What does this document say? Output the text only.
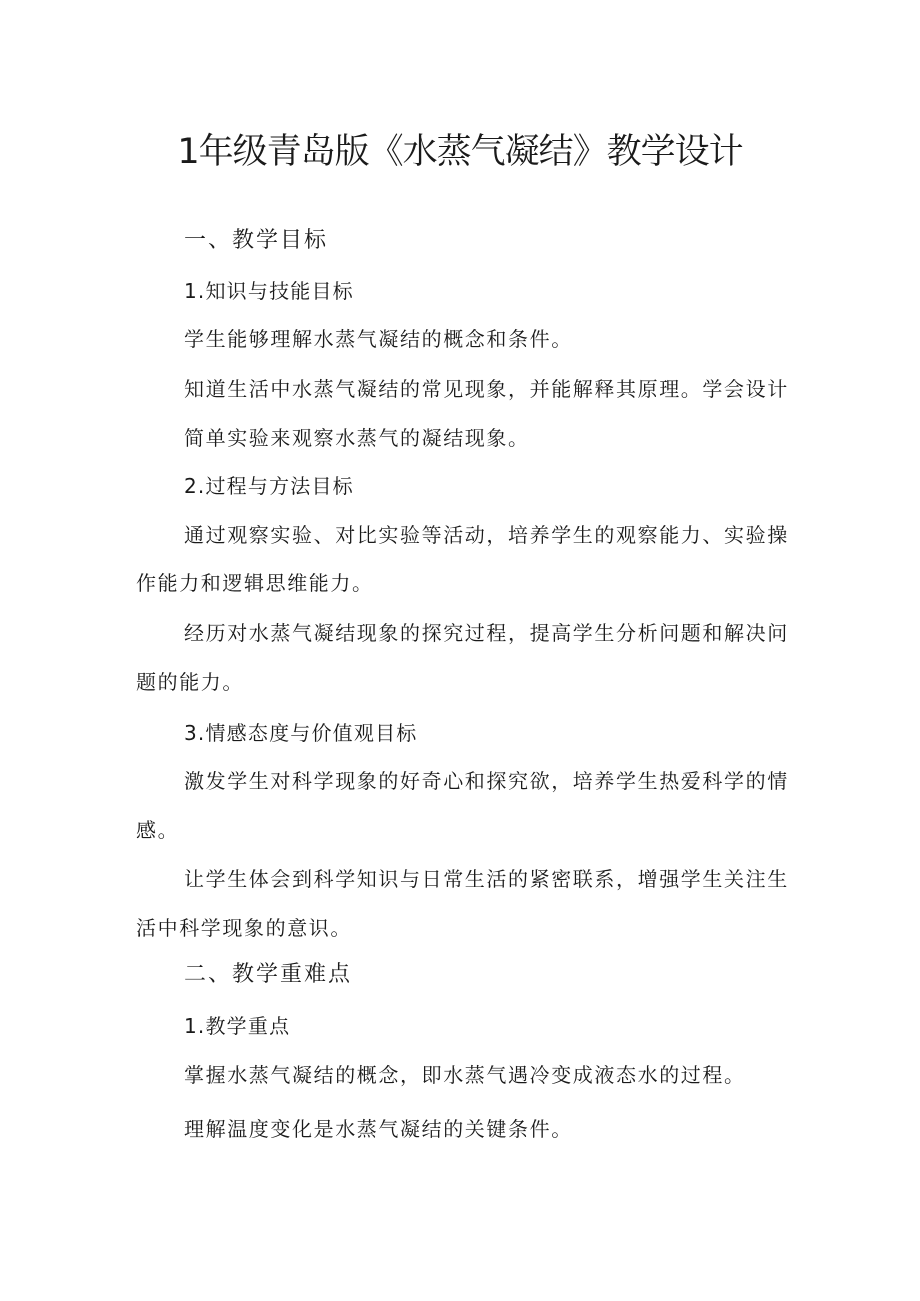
1年级青岛版《水蒸气凝结》教学设计
一、教学目标
1.知识与技能目标
学生能够理解水蒸气凝结的概念和条件。
知道生活中水蒸气凝结的常见现象，并能解释其原理。学会设计
简单实验来观察水蒸气的凝结现象。
2.过程与方法目标
通过观察实验、对比实验等活动，培养学生的观察能力、实验操
作能力和逻辑思维能力。
经历对水蒸气凝结现象的探究过程，提高学生分析问题和解决问
题的能力。
3.情感态度与价值观目标
激发学生对科学现象的好奇心和探究欲，培养学生热爱科学的情
感。
让学生体会到科学知识与日常生活的紧密联系，增强学生关注生
活中科学现象的意识。
二、教学重难点
1.教学重点
掌握水蒸气凝结的概念，即水蒸气遇冷变成液态水的过程。
理解温度变化是水蒸气凝结的关键条件。
